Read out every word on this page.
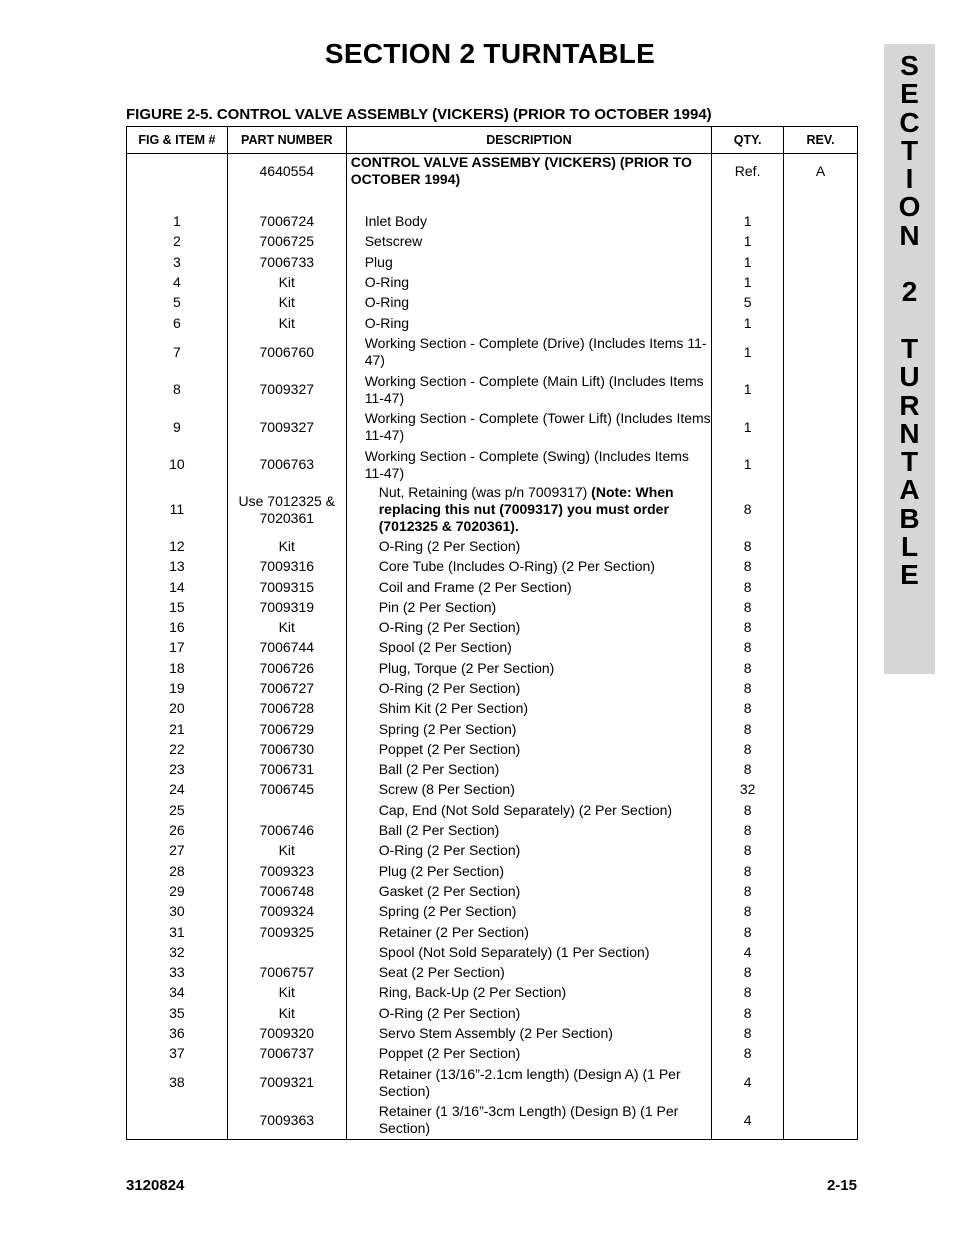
SECTION 2 TURNTABLE	S
E
C
T
I
O
N
2
T
U
R
N
T
A
B
L
E
FIGURE 2-5. CONTROL VALVE ASSEMBLY (VICKERS) (PRIOR TO OCTOBER 1994)
FIG & ITEM #	PART NUMBER	DESCRIPTION	QTY.	REV.
	4640554	CONTROL VALVE ASSEMBY (VICKERS) (PRIOR TO OCTOBER 1994)	Ref.	A

1	7006724	Inlet Body	1	
2	7006725	Setscrew	1	
3	7006733	Plug	1	
4	Kit	O-Ring	1	
5	Kit	O-Ring	5	
6	Kit	O-Ring	1	
7	7006760	Working Section - Complete (Drive) (Includes Items 11-47)	1	
8	7009327	Working Section - Complete (Main Lift) (Includes Items 11-47)	1	
9	7009327	Working Section - Complete (Tower Lift) (Includes Items 11-47)	1	
10	7006763	Working Section - Complete (Swing) (Includes Items 11-47)	1	
11	Use 7012325 & 7020361	Nut, Retaining (was p/n 7009317) (Note: When replacing this nut (7009317) you must order (7012325 & 7020361).	8	
12	Kit	O-Ring (2 Per Section)	8	
13	7009316	Core Tube (Includes O-Ring) (2 Per Section)	8	
14	7009315	Coil and Frame (2 Per Section)	8	
15	7009319	Pin (2 Per Section)	8	
16	Kit	O-Ring (2 Per Section)	8	
17	7006744	Spool (2 Per Section)	8	
18	7006726	Plug, Torque (2 Per Section)	8	
19	7006727	O-Ring (2 Per Section)	8	
20	7006728	Shim Kit (2 Per Section)	8	
21	7006729	Spring (2 Per Section)	8	
22	7006730	Poppet (2 Per Section)	8	
23	7006731	Ball (2 Per Section)	8	
24	7006745	Screw (8 Per Section)	32	
25		Cap, End (Not Sold Separately) (2 Per Section)	8	
26	7006746	Ball (2 Per Section)	8	
27	Kit	O-Ring (2 Per Section)	8	
28	7009323	Plug (2 Per Section)	8	
29	7006748	Gasket (2 Per Section)	8	
30	7009324	Spring (2 Per Section)	8	
31	7009325	Retainer (2 Per Section)	8	
32		Spool (Not Sold Separately) (1 Per Section)	4	
33	7006757	Seat (2 Per Section)	8	
34	Kit	Ring, Back-Up (2 Per Section)	8	
35	Kit	O-Ring (2 Per Section)	8	
36	7009320	Servo Stem Assembly (2 Per Section)	8	
37	7006737	Poppet (2 Per Section)	8	
38	7009321	Retainer (13/16”-2.1cm length) (Design A) (1 Per Section)	4	
	7009363	Retainer (1 3/16”-3cm Length) (Design B) (1 Per Section)	4	
3120824	2-15
